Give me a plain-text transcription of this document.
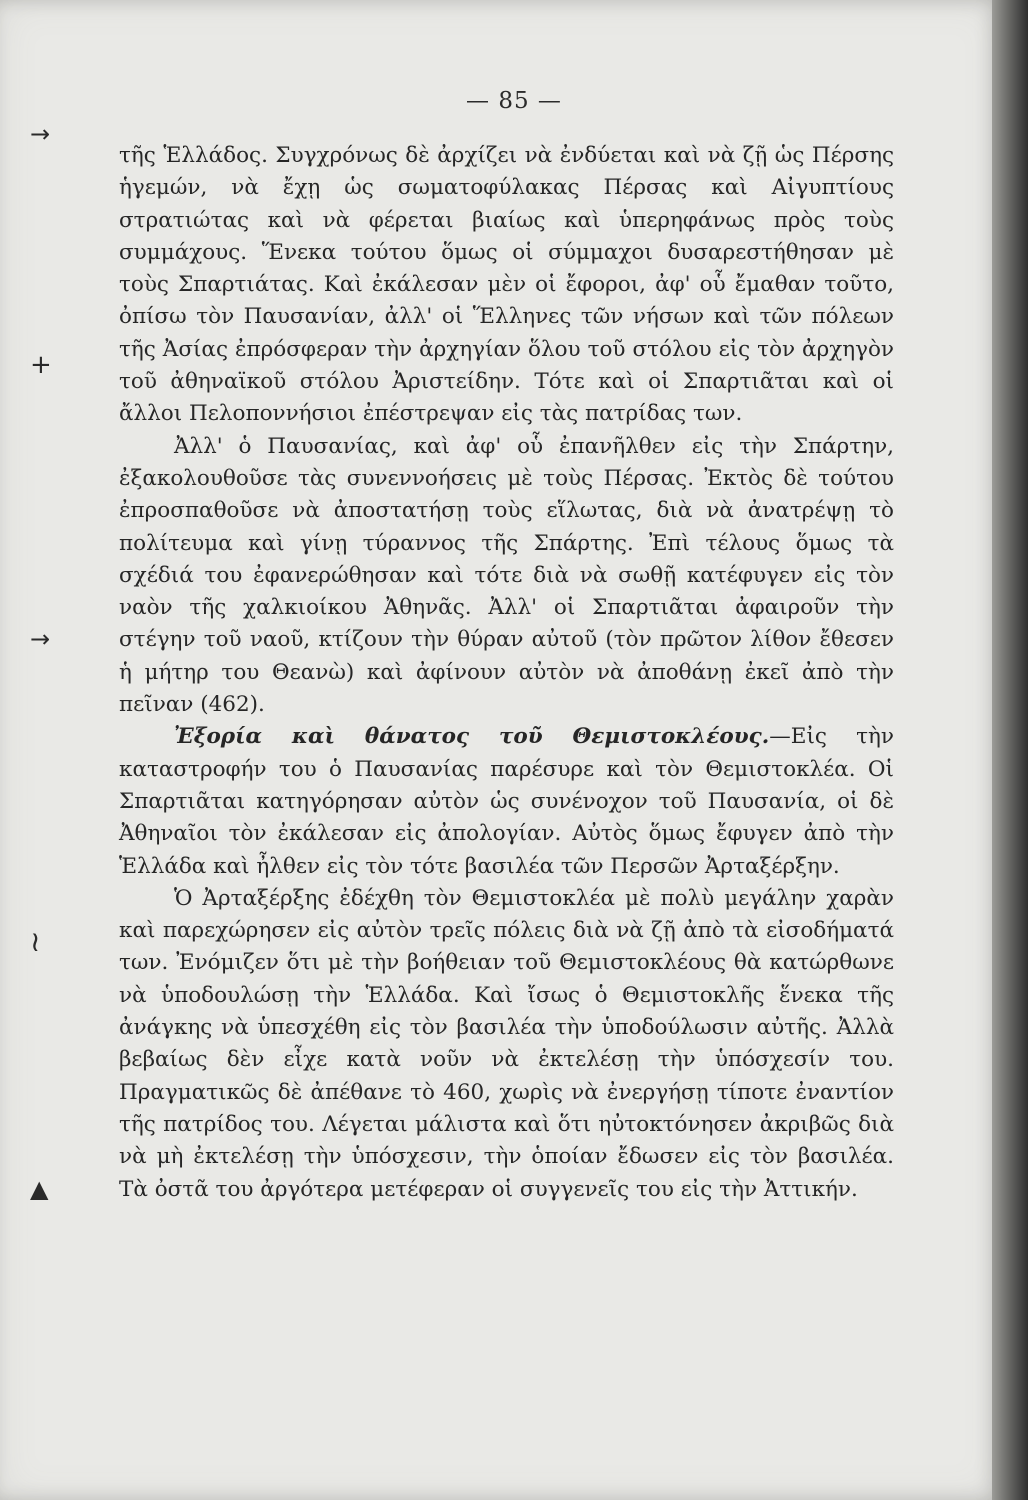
— 85 —
→
+
→
≀
▲

τῆς Ἑλλάδος. Συγχρόνως δὲ ἀρχίζει νὰ ἐνδύεται καὶ νὰ ζῇ ὡς Πέρσης ἡγεμών, νὰ ἔχῃ ὡς σωματοφύλακας Πέρσας καὶ Αἰγυπτίους στρατιώτας καὶ νὰ φέρεται βιαίως καὶ ὑπερηφάνως πρὸς τοὺς συμμάχους. Ἕνεκα τούτου ὅμως οἱ σύμμαχοι δυσαρεστήθησαν μὲ τοὺς Σπαρτιάτας. Καὶ ἐκάλεσαν μὲν οἱ ἔφοροι, ἀφ' οὗ ἔμαθαν τοῦτο, ὀπίσω τὸν Παυσανίαν, ἀλλ' οἱ Ἕλληνες τῶν νήσων καὶ τῶν πόλεων τῆς Ἀσίας ἐπρόσφεραν τὴν ἀρχηγίαν ὅλου τοῦ στόλου εἰς τὸν ἀρχηγὸν τοῦ ἀθηναϊκοῦ στόλου Ἀριστείδην. Τότε καὶ οἱ Σπαρτιᾶται καὶ οἱ ἄλλοι Πελοποννήσιοι ἐπέστρεψαν εἰς τὰς πατρίδας των.

Ἀλλ' ὁ Παυσανίας, καὶ ἀφ' οὗ ἐπανῆλθεν εἰς τὴν Σπάρτην, ἐξακολουθοῦσε τὰς συνεννοήσεις μὲ τοὺς Πέρσας. Ἐκτὸς δὲ τούτου ἐπροσπαθοῦσε νὰ ἀποστατήσῃ τοὺς εἵλωτας, διὰ νὰ ἀνατρέψῃ τὸ πολίτευμα καὶ γίνῃ τύραννος τῆς Σπάρτης. Ἐπὶ τέλους ὅμως τὰ σχέδιά του ἐφανερώθησαν καὶ τότε διὰ νὰ σωθῇ κατέφυγεν εἰς τὸν ναὸν τῆς χαλκιοίκου Ἀθηνᾶς. Ἀλλ' οἱ Σπαρτιᾶται ἀφαιροῦν τὴν στέγην τοῦ ναοῦ, κτίζουν τὴν θύραν αὐτοῦ (τὸν πρῶτον λίθον ἔθεσεν ἡ μήτηρ του Θεανὼ) καὶ ἀφίνουν αὐτὸν νὰ ἀποθάνῃ ἐκεῖ ἀπὸ τὴν πεῖναν (462).

Ἐξορία καὶ θάνατος τοῦ Θεμιστοκλέους.—Εἰς τὴν καταστροφήν του ὁ Παυσανίας παρέσυρε καὶ τὸν Θεμιστοκλέα. Οἱ Σπαρτιᾶται κατηγόρησαν αὐτὸν ὡς συνένοχον τοῦ Παυσανία, οἱ δὲ Ἀθηναῖοι τὸν ἐκάλεσαν εἰς ἀπολογίαν. Αὐτὸς ὅμως ἔφυγεν ἀπὸ τὴν Ἑλλάδα καὶ ἦλθεν εἰς τὸν τότε βασιλέα τῶν Περσῶν Ἀρταξέρξην.

Ὁ Ἀρταξέρξης ἐδέχθη τὸν Θεμιστοκλέα μὲ πολὺ μεγάλην χαρὰν καὶ παρεχώρησεν εἰς αὐτὸν τρεῖς πόλεις διὰ νὰ ζῇ ἀπὸ τὰ εἰσοδήματά των. Ἐνόμιζεν ὅτι μὲ τὴν βοήθειαν τοῦ Θεμιστοκλέους θὰ κατώρθωνε νὰ ὑποδουλώσῃ τὴν Ἑλλάδα. Καὶ ἴσως ὁ Θεμιστοκλῆς ἕνεκα τῆς ἀνάγκης νὰ ὑπεσχέθη εἰς τὸν βασιλέα τὴν ὑποδούλωσιν αὐτῆς. Ἀλλὰ βεβαίως δὲν εἶχε κατὰ νοῦν νὰ ἐκτελέσῃ τὴν ὑπόσχεσίν του. Πραγματικῶς δὲ ἀπέθανε τὸ 460, χωρὶς νὰ ἐνεργήσῃ τίποτε ἐναντίον τῆς πατρίδος του. Λέγεται μάλιστα καὶ ὅτι ηὐτοκτόνησεν ἀκριβῶς διὰ νὰ μὴ ἐκτελέσῃ τὴν ὑπόσχεσιν, τὴν ὁποίαν ἔδωσεν εἰς τὸν βασιλέα. Τὰ ὀστᾶ του ἀργότερα μετέφεραν οἱ συγγενεῖς του εἰς τὴν Ἀττικήν.
